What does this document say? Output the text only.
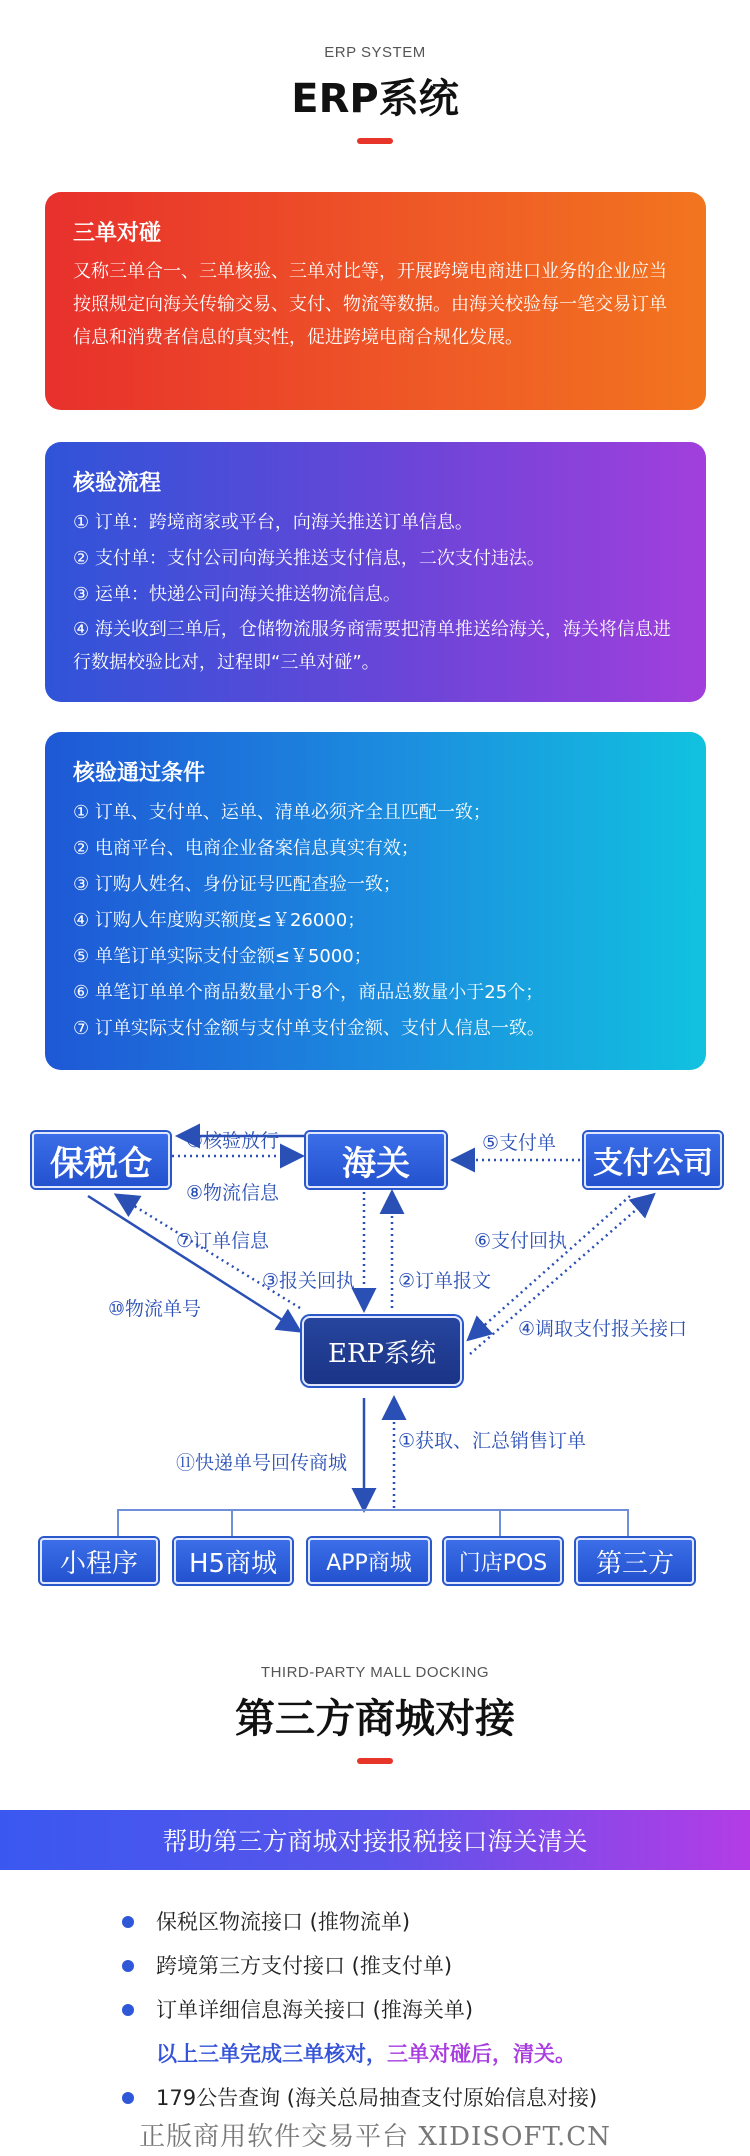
ERP SYSTEM
ERP系统
三单对碰

又称三单合一、三单核验、三单对比等，开展跨境电商进口业务的企业应当按照规定向海关传输交易、支付、物流等数据。由海关校验每一笔交易订单信息和消费者信息的真实性，促进跨境电商合规化发展。

核验流程
① 订单：跨境商家或平台，向海关推送订单信息。
② 支付单：支付公司向海关推送支付信息，二次支付违法。
③ 运单：快递公司向海关推送物流信息。
④ 海关收到三单后，仓储物流服务商需要把清单推送给海关，海关将信息进行数据校验比对，过程即“三单对碰”。
核验通过条件
① 订单、支付单、运单、清单必须齐全且匹配一致；
② 电商平台、电商企业备案信息真实有效；
③ 订购人姓名、身份证号匹配查验一致；
④ 订购人年度购买额度≤￥26000；
⑤ 单笔订单实际支付金额≤￥5000；
⑥ 单笔订单单个商品数量小于8个，商品总数量小于25个；
⑦ 订单实际支付金额与支付单支付金额、支付人信息一致。
保税仓	海关	支付公司
ERP系统
⑨核验放行
⑧物流信息
⑤支付单
⑦订单信息	⑥支付回执
③报关回执 ②订单报文
⑩物流单号
④调取支付报关接口
⑪快递单号回传商城
①获取、汇总销售订单
小程序	H5商城	APP商城	门店POS	第三方
THIRD-PARTY MALL DOCKING
第三方商城对接
帮助第三方商城对接报税接口海关清关
保税区物流接口 (推物流单)
跨境第三方支付接口 (推支付单)
订单详细信息海关接口 (推海关单)
以上三单完成三单核对，三单对碰后，清关。
179公告查询 (海关总局抽查支付原始信息对接)
正版商用软件交易平台 XIDISOFT.CN
